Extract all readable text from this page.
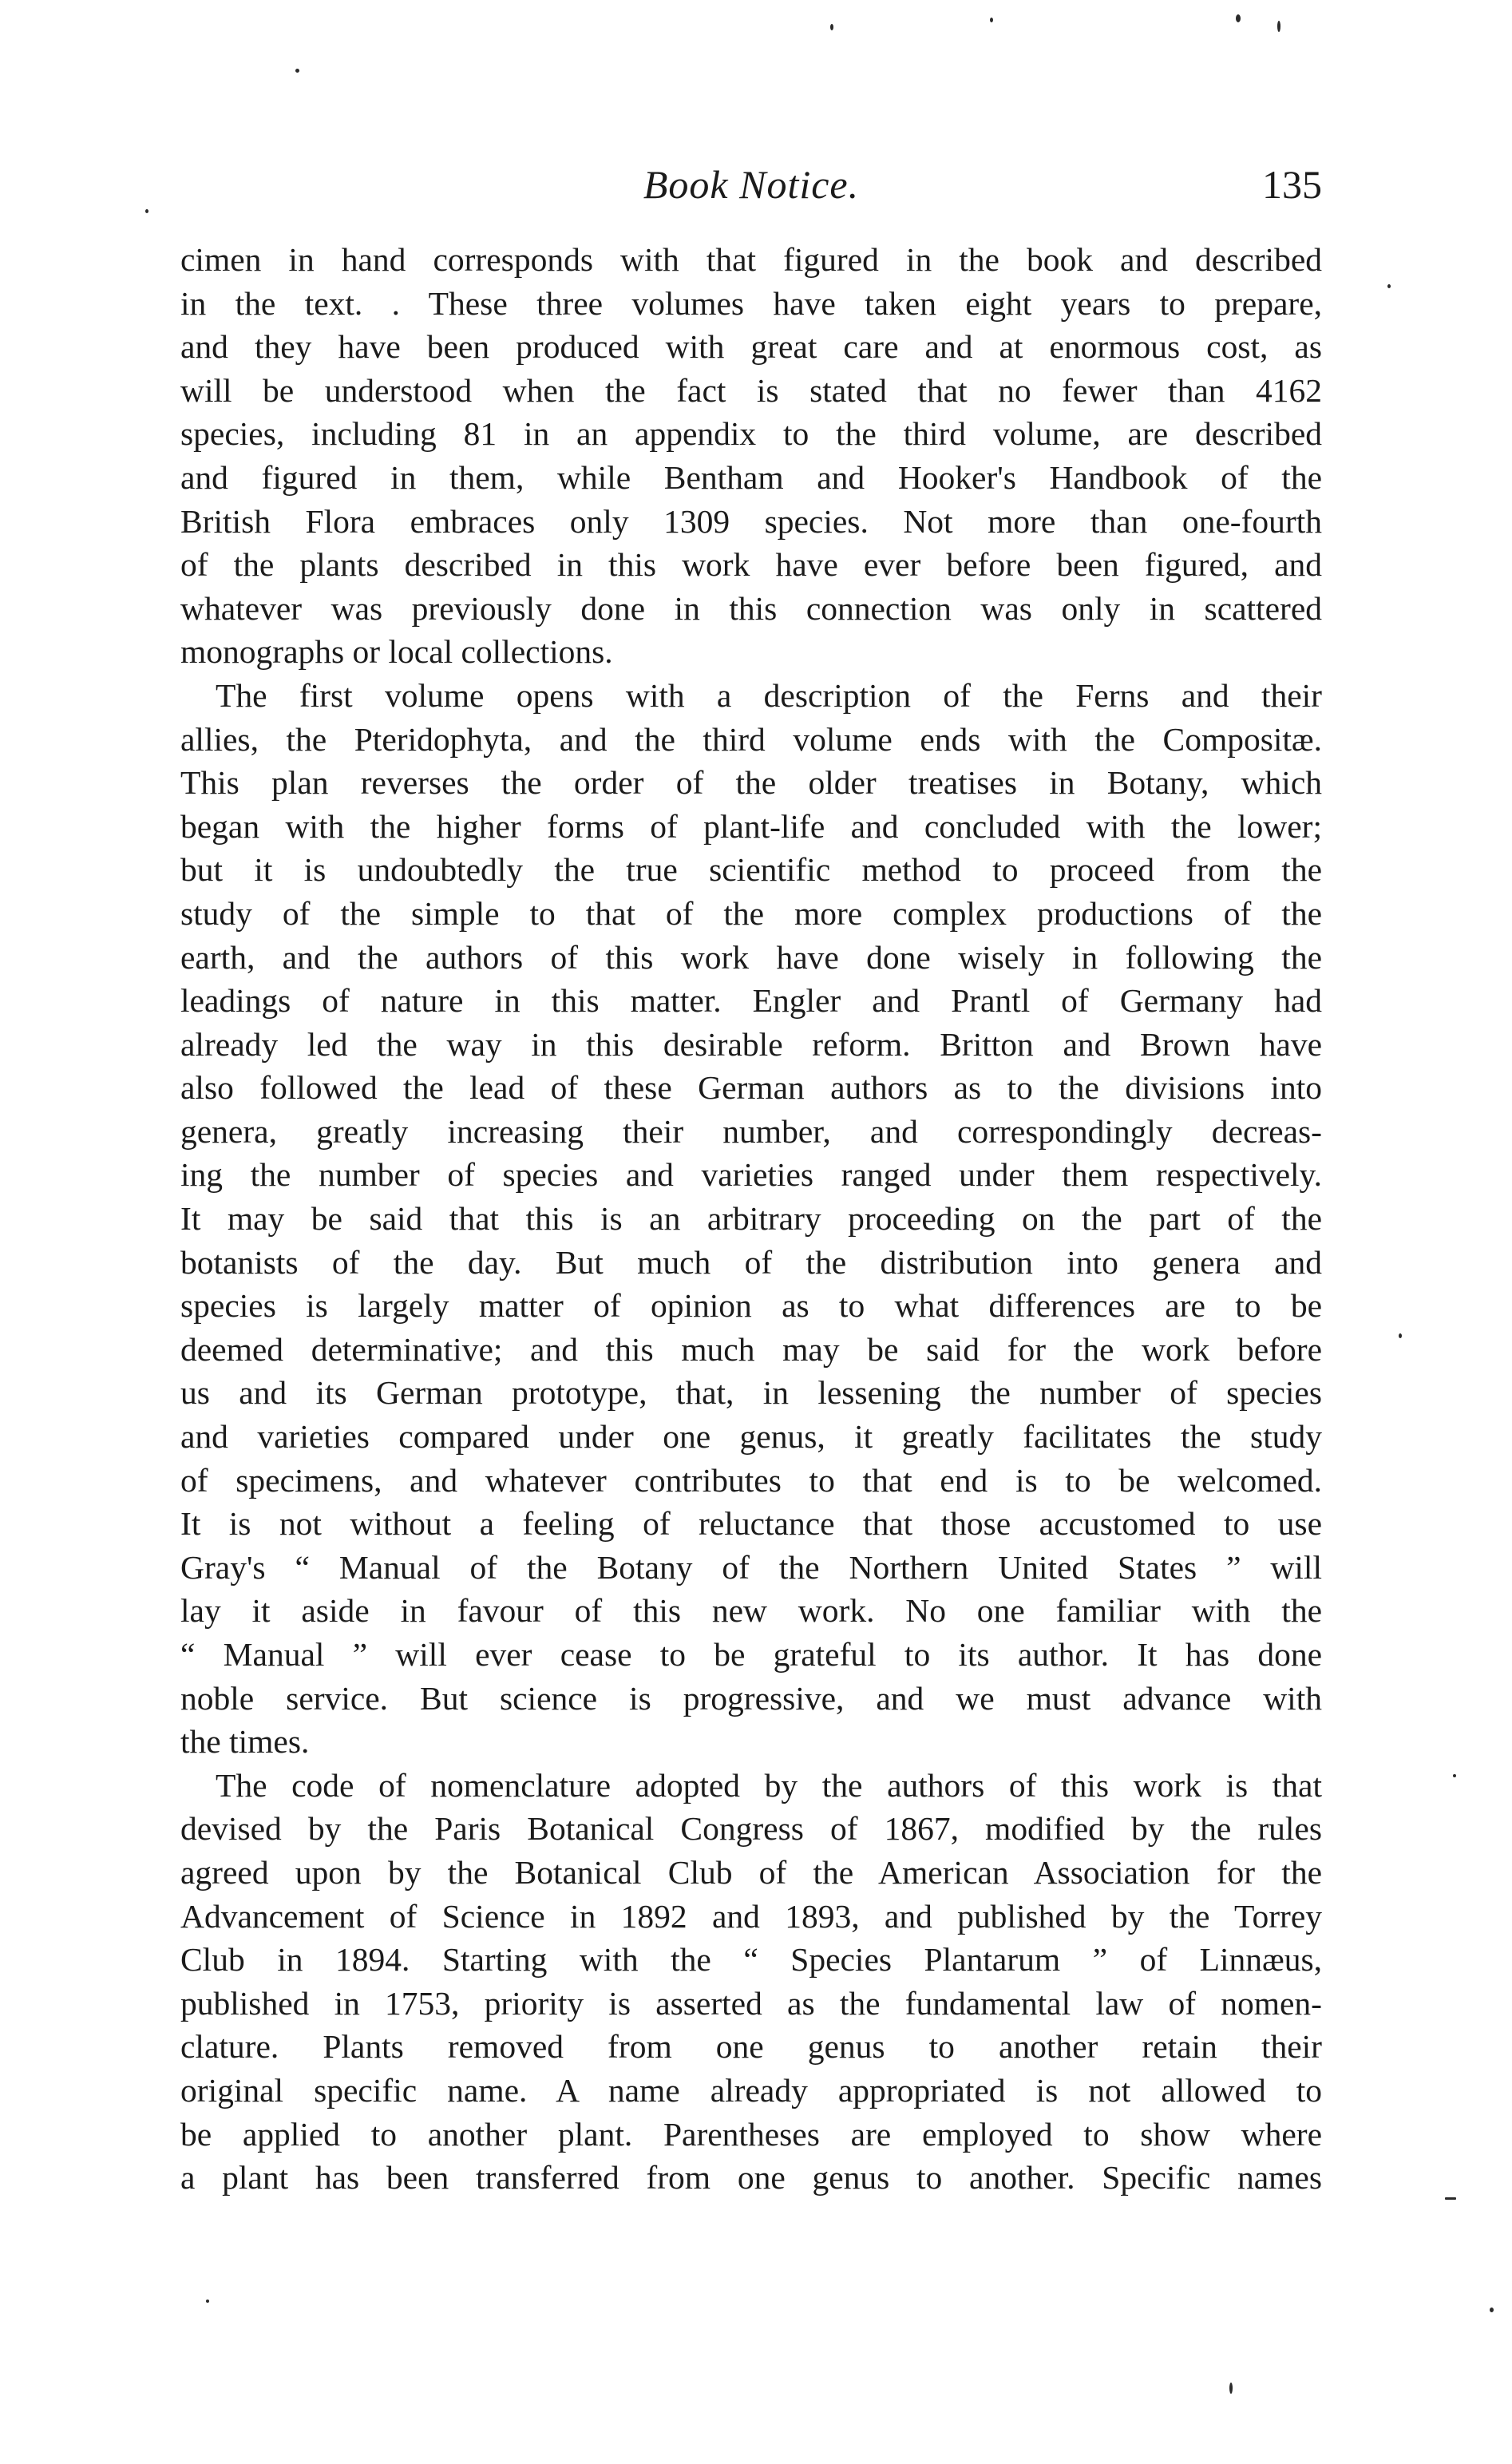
Book Notice.	135
cimen in hand corresponds with that figured in the book and described
in the text. . These three volumes have taken eight years to prepare,
and they have been produced with great care and at enormous cost, as
will be understood when the fact is stated that no fewer than 4162
species, including 81 in an appendix to the third volume, are described
and figured in them, while Bentham and Hooker's Handbook of the
British Flora embraces only 1309 species. Not more than one-fourth
of the plants described in this work have ever before been figured, and
whatever was previously done in this connection was only in scattered
monographs or local collections.
The first volume opens with a description of the Ferns and their
allies, the Pteridophyta, and the third volume ends with the Compositæ.
This plan reverses the order of the older treatises in Botany, which
began with the higher forms of plant-life and concluded with the lower;
but it is undoubtedly the true scientific method to proceed from the
study of the simple to that of the more complex productions of the
earth, and the authors of this work have done wisely in following the
leadings of nature in this matter. Engler and Prantl of Germany had
already led the way in this desirable reform. Britton and Brown have
also followed the lead of these German authors as to the divisions into
genera, greatly increasing their number, and correspondingly decreas-
ing the number of species and varieties ranged under them respectively.
It may be said that this is an arbitrary proceeding on the part of the
botanists of the day. But much of the distribution into genera and
species is largely matter of opinion as to what differences are to be
deemed determinative; and this much may be said for the work before
us and its German prototype, that, in lessening the number of species
and varieties compared under one genus, it greatly facilitates the study
of specimens, and whatever contributes to that end is to be welcomed.
It is not without a feeling of reluctance that those accustomed to use
Gray's “ Manual of the Botany of the Northern United States ” will
lay it aside in favour of this new work. No one familiar with the
“ Manual ” will ever cease to be grateful to its author. It has done
noble service. But science is progressive, and we must advance with
the times.
The code of nomenclature adopted by the authors of this work is that
devised by the Paris Botanical Congress of 1867, modified by the rules
agreed upon by the Botanical Club of the American Association for the
Advancement of Science in 1892 and 1893, and published by the Torrey
Club in 1894. Starting with the “ Species Plantarum ” of Linnæus,
published in 1753, priority is asserted as the fundamental law of nomen-
clature. Plants removed from one genus to another retain their
original specific name. A name already appropriated is not allowed to
be applied to another plant. Parentheses are employed to show where
a plant has been transferred from one genus to another. Specific names
